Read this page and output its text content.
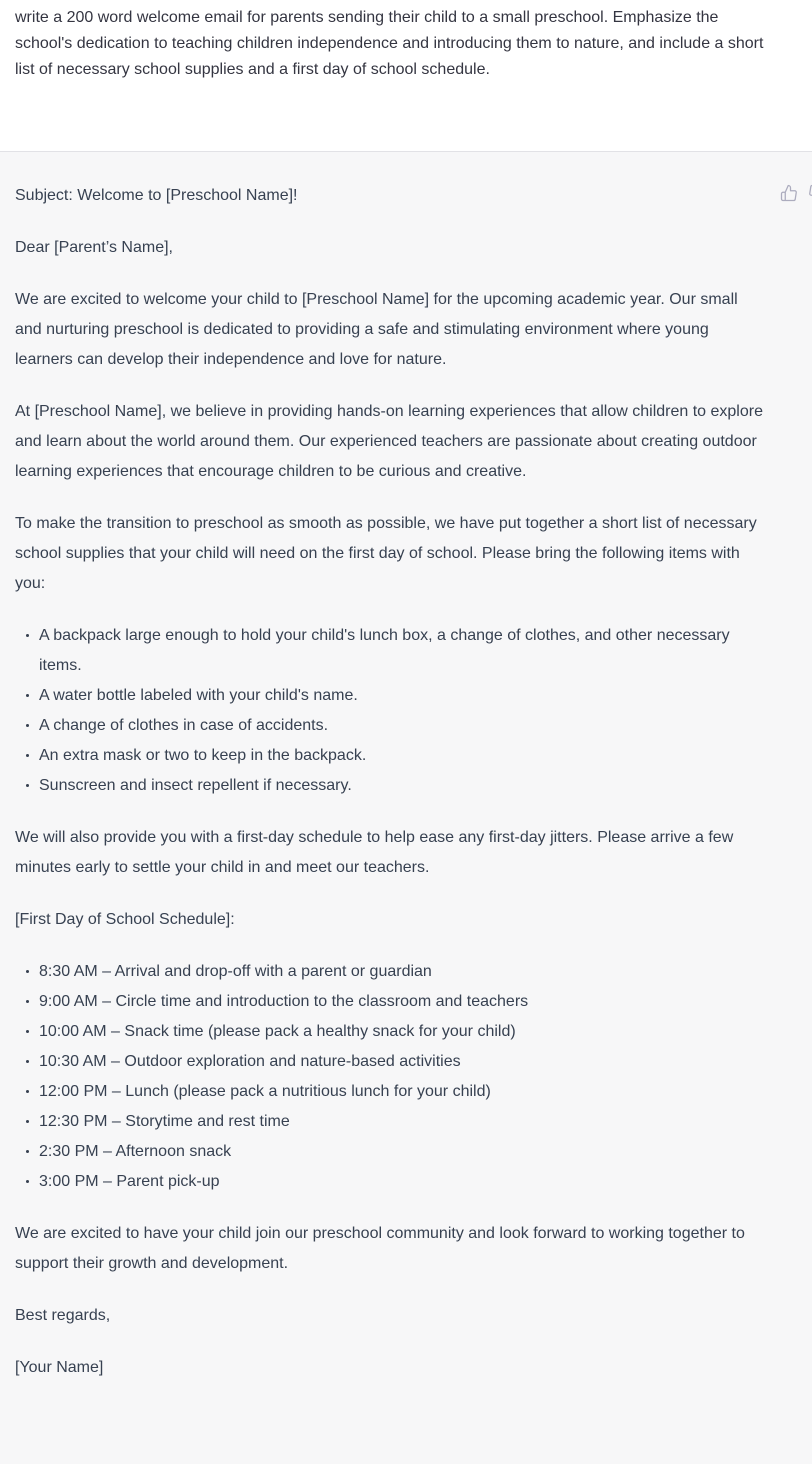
write a 200 word welcome email for parents sending their child to a small preschool. Emphasize the school's dedication to teaching children independence and introducing them to nature, and include a short list of necessary school supplies and a first day of school schedule.

Subject: Welcome to [Preschool Name]!

Dear [Parent’s Name],

We are excited to welcome your child to [Preschool Name] for the upcoming academic year. Our small and nurturing preschool is dedicated to providing a safe and stimulating environment where young learners can develop their independence and love for nature.

At [Preschool Name], we believe in providing hands-on learning experiences that allow children to explore and learn about the world around them. Our experienced teachers are passionate about creating outdoor learning experiences that encourage children to be curious and creative.

To make the transition to preschool as smooth as possible, we have put together a short list of necessary school supplies that your child will need on the first day of school. Please bring the following items with you:

A backpack large enough to hold your child's lunch box, a change of clothes, and other necessary items.
A water bottle labeled with your child's name.
A change of clothes in case of accidents.
An extra mask or two to keep in the backpack.
Sunscreen and insect repellent if necessary.

We will also provide you with a first-day schedule to help ease any first-day jitters. Please arrive a few minutes early to settle your child in and meet our teachers.

[First Day of School Schedule]:

8:30 AM – Arrival and drop-off with a parent or guardian
9:00 AM – Circle time and introduction to the classroom and teachers
10:00 AM – Snack time (please pack a healthy snack for your child)
10:30 AM – Outdoor exploration and nature-based activities
12:00 PM – Lunch (please pack a nutritious lunch for your child)
12:30 PM – Storytime and rest time
2:30 PM – Afternoon snack
3:00 PM – Parent pick-up

We are excited to have your child join our preschool community and look forward to working together to support their growth and development.

Best regards,

[Your Name]
